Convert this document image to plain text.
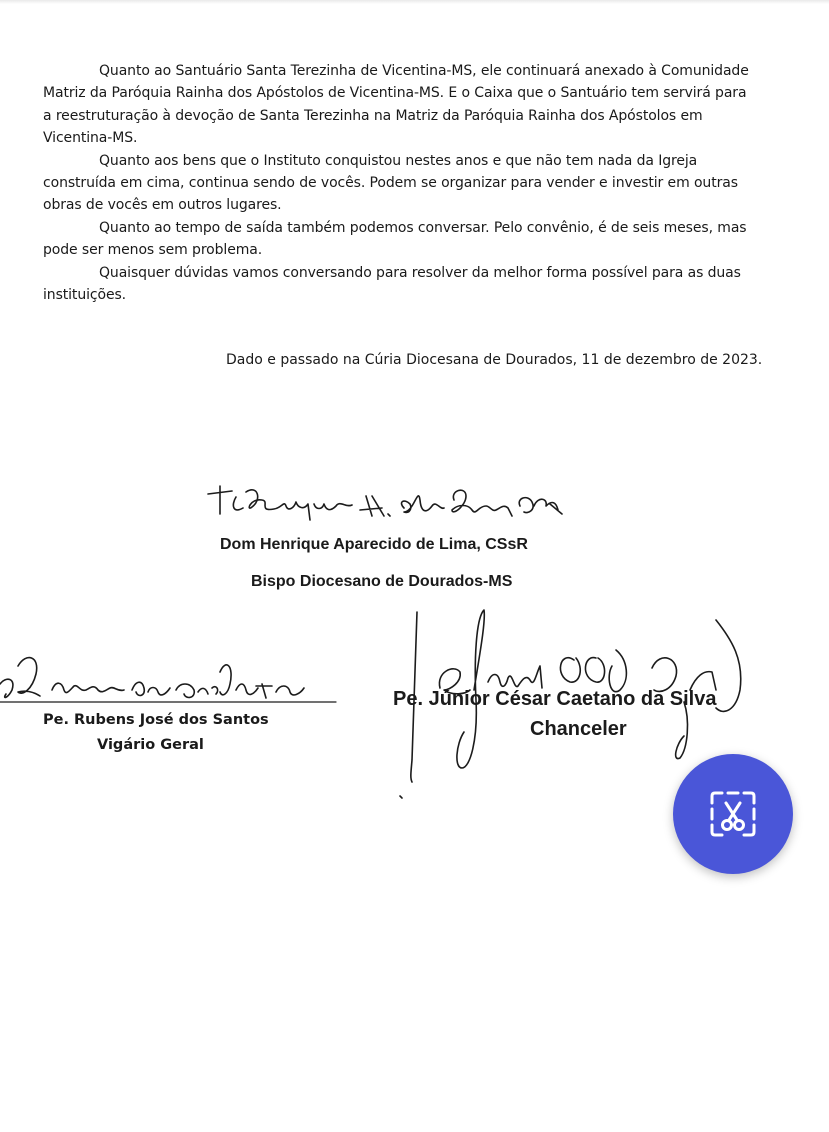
Quanto ao Santuário Santa Terezinha de Vicentina-MS, ele continuará anexado à Comunidade Matriz da Paróquia Rainha dos Apóstolos de Vicentina-MS. E o Caixa que o Santuário tem servirá para a reestruturação à devoção de Santa Terezinha na Matriz da Paróquia Rainha dos Apóstolos em Vicentina-MS.

Quanto aos bens que o Instituto conquistou nestes anos e que não tem nada da Igreja construída em cima, continua sendo de vocês. Podem se organizar para vender e investir em outras obras de vocês em outros lugares.

Quanto ao tempo de saída também podemos conversar. Pelo convênio, é de seis meses, mas pode ser menos sem problema.

Quaisquer dúvidas vamos conversando para resolver da melhor forma possível para as duas instituições.

Dado e passado na Cúria Diocesana de Dourados, 11 de dezembro de 2023.
Dom Henrique Aparecido de Lima, CSsR
Bispo Diocesano de Dourados-MS
Pe. Rubens José dos Santos
Vigário Geral
Pe. Júnior César Caetano da Silva
Chanceler
